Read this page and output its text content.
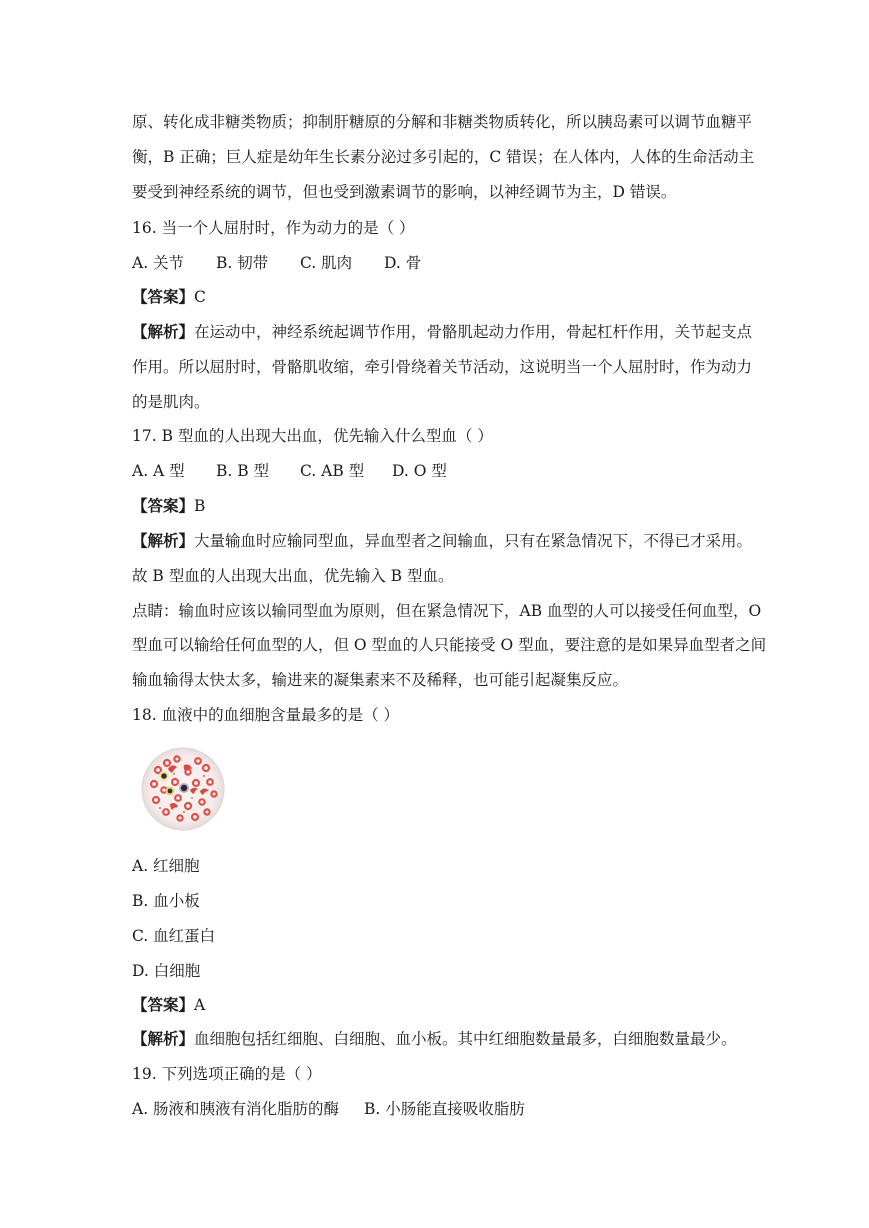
原、转化成非糖类物质；抑制肝糖原的分解和非糖类物质转化，所以胰岛素可以调节血糖平
衡，B 正确；巨人症是幼年生长素分泌过多引起的，C 错误；在人体内，人体的生命活动主
要受到神经系统的调节，但也受到激素调节的影响，以神经调节为主，D 错误。
16. 当一个人屈肘时，作为动力的是（ ）
A. 关节 B. 韧带 C. 肌肉 D. 骨
【答案】C
【解析】在运动中，神经系统起调节作用，骨骼肌起动力作用，骨起杠杆作用，关节起支点
作用。所以屈肘时，骨骼肌收缩，牵引骨绕着关节活动，这说明当一个人屈肘时，作为动力
的是肌肉。
17. B 型血的人出现大出血，优先输入什么型血（ ）
A. A 型 B. B 型 C. AB 型 D. O 型
【答案】B
【解析】大量输血时应输同型血，异血型者之间输血，只有在紧急情况下，不得已才采用。
故 B 型血的人出现大出血，优先输入 B 型血。
点睛：输血时应该以输同型血为原则，但在紧急情况下，AB 血型的人可以接受任何血型，O
型血可以输给任何血型的人，但 O 型血的人只能接受 O 型血，要注意的是如果异血型者之间
输血输得太快太多，输进来的凝集素来不及稀释，也可能引起凝集反应。
18. 血液中的血细胞含量最多的是（ ）
A. 红细胞
B. 血小板
C. 血红蛋白
D. 白细胞
【答案】A
【解析】血细胞包括红细胞、白细胞、血小板。其中红细胞数量最多，白细胞数量最少。
19. 下列选项正确的是（ ）
A. 肠液和胰液有消化脂肪的酶 B. 小肠能直接吸收脂肪
